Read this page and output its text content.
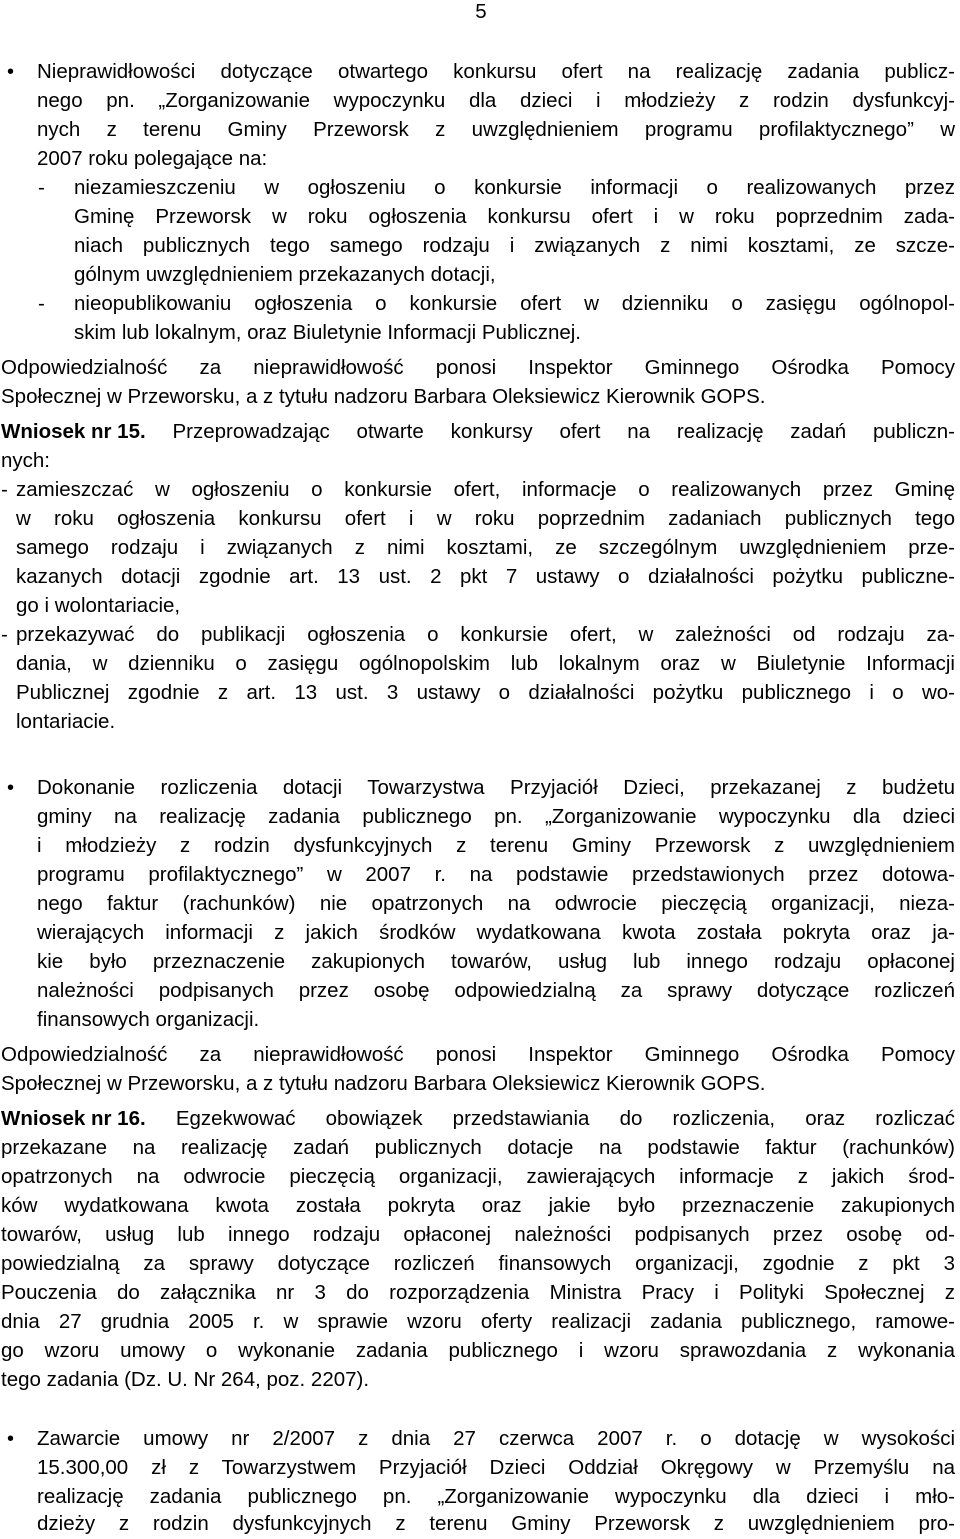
5
• Nieprawidłowości dotyczące otwartego konkursu ofert na realizację zadania publicz-
nego pn. „Zorganizowanie wypoczynku dla dzieci i młodzieży z rodzin dysfunkcyj-
nych z terenu Gminy Przeworsk z uwzględnieniem programu profilaktycznego” w
2007 roku polegające na:
- niezamieszczeniu w ogłoszeniu o konkursie informacji o realizowanych przez
Gminę Przeworsk w roku ogłoszenia konkursu ofert i w roku poprzednim zada-
niach publicznych tego samego rodzaju i związanych z nimi kosztami, ze szcze-
gólnym uwzględnieniem przekazanych dotacji,
- nieopublikowaniu ogłoszenia o konkursie ofert w dzienniku o zasięgu ogólnopol-
skim lub lokalnym, oraz Biuletynie Informacji Publicznej.
Odpowiedzialność za nieprawidłowość ponosi Inspektor Gminnego Ośrodka Pomocy
Społecznej w Przeworsku, a z tytułu nadzoru Barbara Oleksiewicz Kierownik GOPS.
Wniosek nr 15. Przeprowadzając otwarte konkursy ofert na realizację zadań publiczn-
nych:
- zamieszczać w ogłoszeniu o konkursie ofert, informacje o realizowanych przez Gminę
w roku ogłoszenia konkursu ofert i w roku poprzednim zadaniach publicznych tego
samego rodzaju i związanych z nimi kosztami, ze szczególnym uwzględnieniem prze-
kazanych dotacji zgodnie art. 13 ust. 2 pkt 7 ustawy o działalności pożytku publiczne-
go i wolontariacie,
- przekazywać do publikacji ogłoszenia o konkursie ofert, w zależności od rodzaju za-
dania, w dzienniku o zasięgu ogólnopolskim lub lokalnym oraz w Biuletynie Informacji
Publicznej zgodnie z art. 13 ust. 3 ustawy o działalności pożytku publicznego i o wo-
lontariacie.
• Dokonanie rozliczenia dotacji Towarzystwa Przyjaciół Dzieci, przekazanej z budżetu
gminy na realizację zadania publicznego pn. „Zorganizowanie wypoczynku dla dzieci
i młodzieży z rodzin dysfunkcyjnych z terenu Gminy Przeworsk z uwzględnieniem
programu profilaktycznego” w 2007 r. na podstawie przedstawionych przez dotowa-
nego faktur (rachunków) nie opatrzonych na odwrocie pieczęcią organizacji, nieza-
wierających informacji z jakich środków wydatkowana kwota została pokryta oraz ja-
kie było przeznaczenie zakupionych towarów, usług lub innego rodzaju opłaconej
należności podpisanych przez osobę odpowiedzialną za sprawy dotyczące rozliczeń
finansowych organizacji.
Odpowiedzialność za nieprawidłowość ponosi Inspektor Gminnego Ośrodka Pomocy
Społecznej w Przeworsku, a z tytułu nadzoru Barbara Oleksiewicz Kierownik GOPS.
Wniosek nr 16. Egzekwować obowiązek przedstawiania do rozliczenia, oraz rozliczać
przekazane na realizację zadań publicznych dotacje na podstawie faktur (rachunków)
opatrzonych na odwrocie pieczęcią organizacji, zawierających informacje z jakich środ-
ków wydatkowana kwota została pokryta oraz jakie było przeznaczenie zakupionych
towarów, usług lub innego rodzaju opłaconej należności podpisanych przez osobę od-
powiedzialną za sprawy dotyczące rozliczeń finansowych organizacji, zgodnie z pkt 3
Pouczenia do załącznika nr 3 do rozporządzenia Ministra Pracy i Polityki Społecznej z
dnia 27 grudnia 2005 r. w sprawie wzoru oferty realizacji zadania publicznego, ramowe-
go wzoru umowy o wykonanie zadania publicznego i wzoru sprawozdania z wykonania
tego zadania (Dz. U. Nr 264, poz. 2207).
• Zawarcie umowy nr 2/2007 z dnia 27 czerwca 2007 r. o dotację w wysokości
15.300,00 zł z Towarzystwem Przyjaciół Dzieci Oddział Okręgowy w Przemyślu na
realizację zadania publicznego pn. „Zorganizowanie wypoczynku dla dzieci i mło-
dzieży z rodzin dysfunkcyjnych z terenu Gminy Przeworsk z uwzględnieniem pro-
